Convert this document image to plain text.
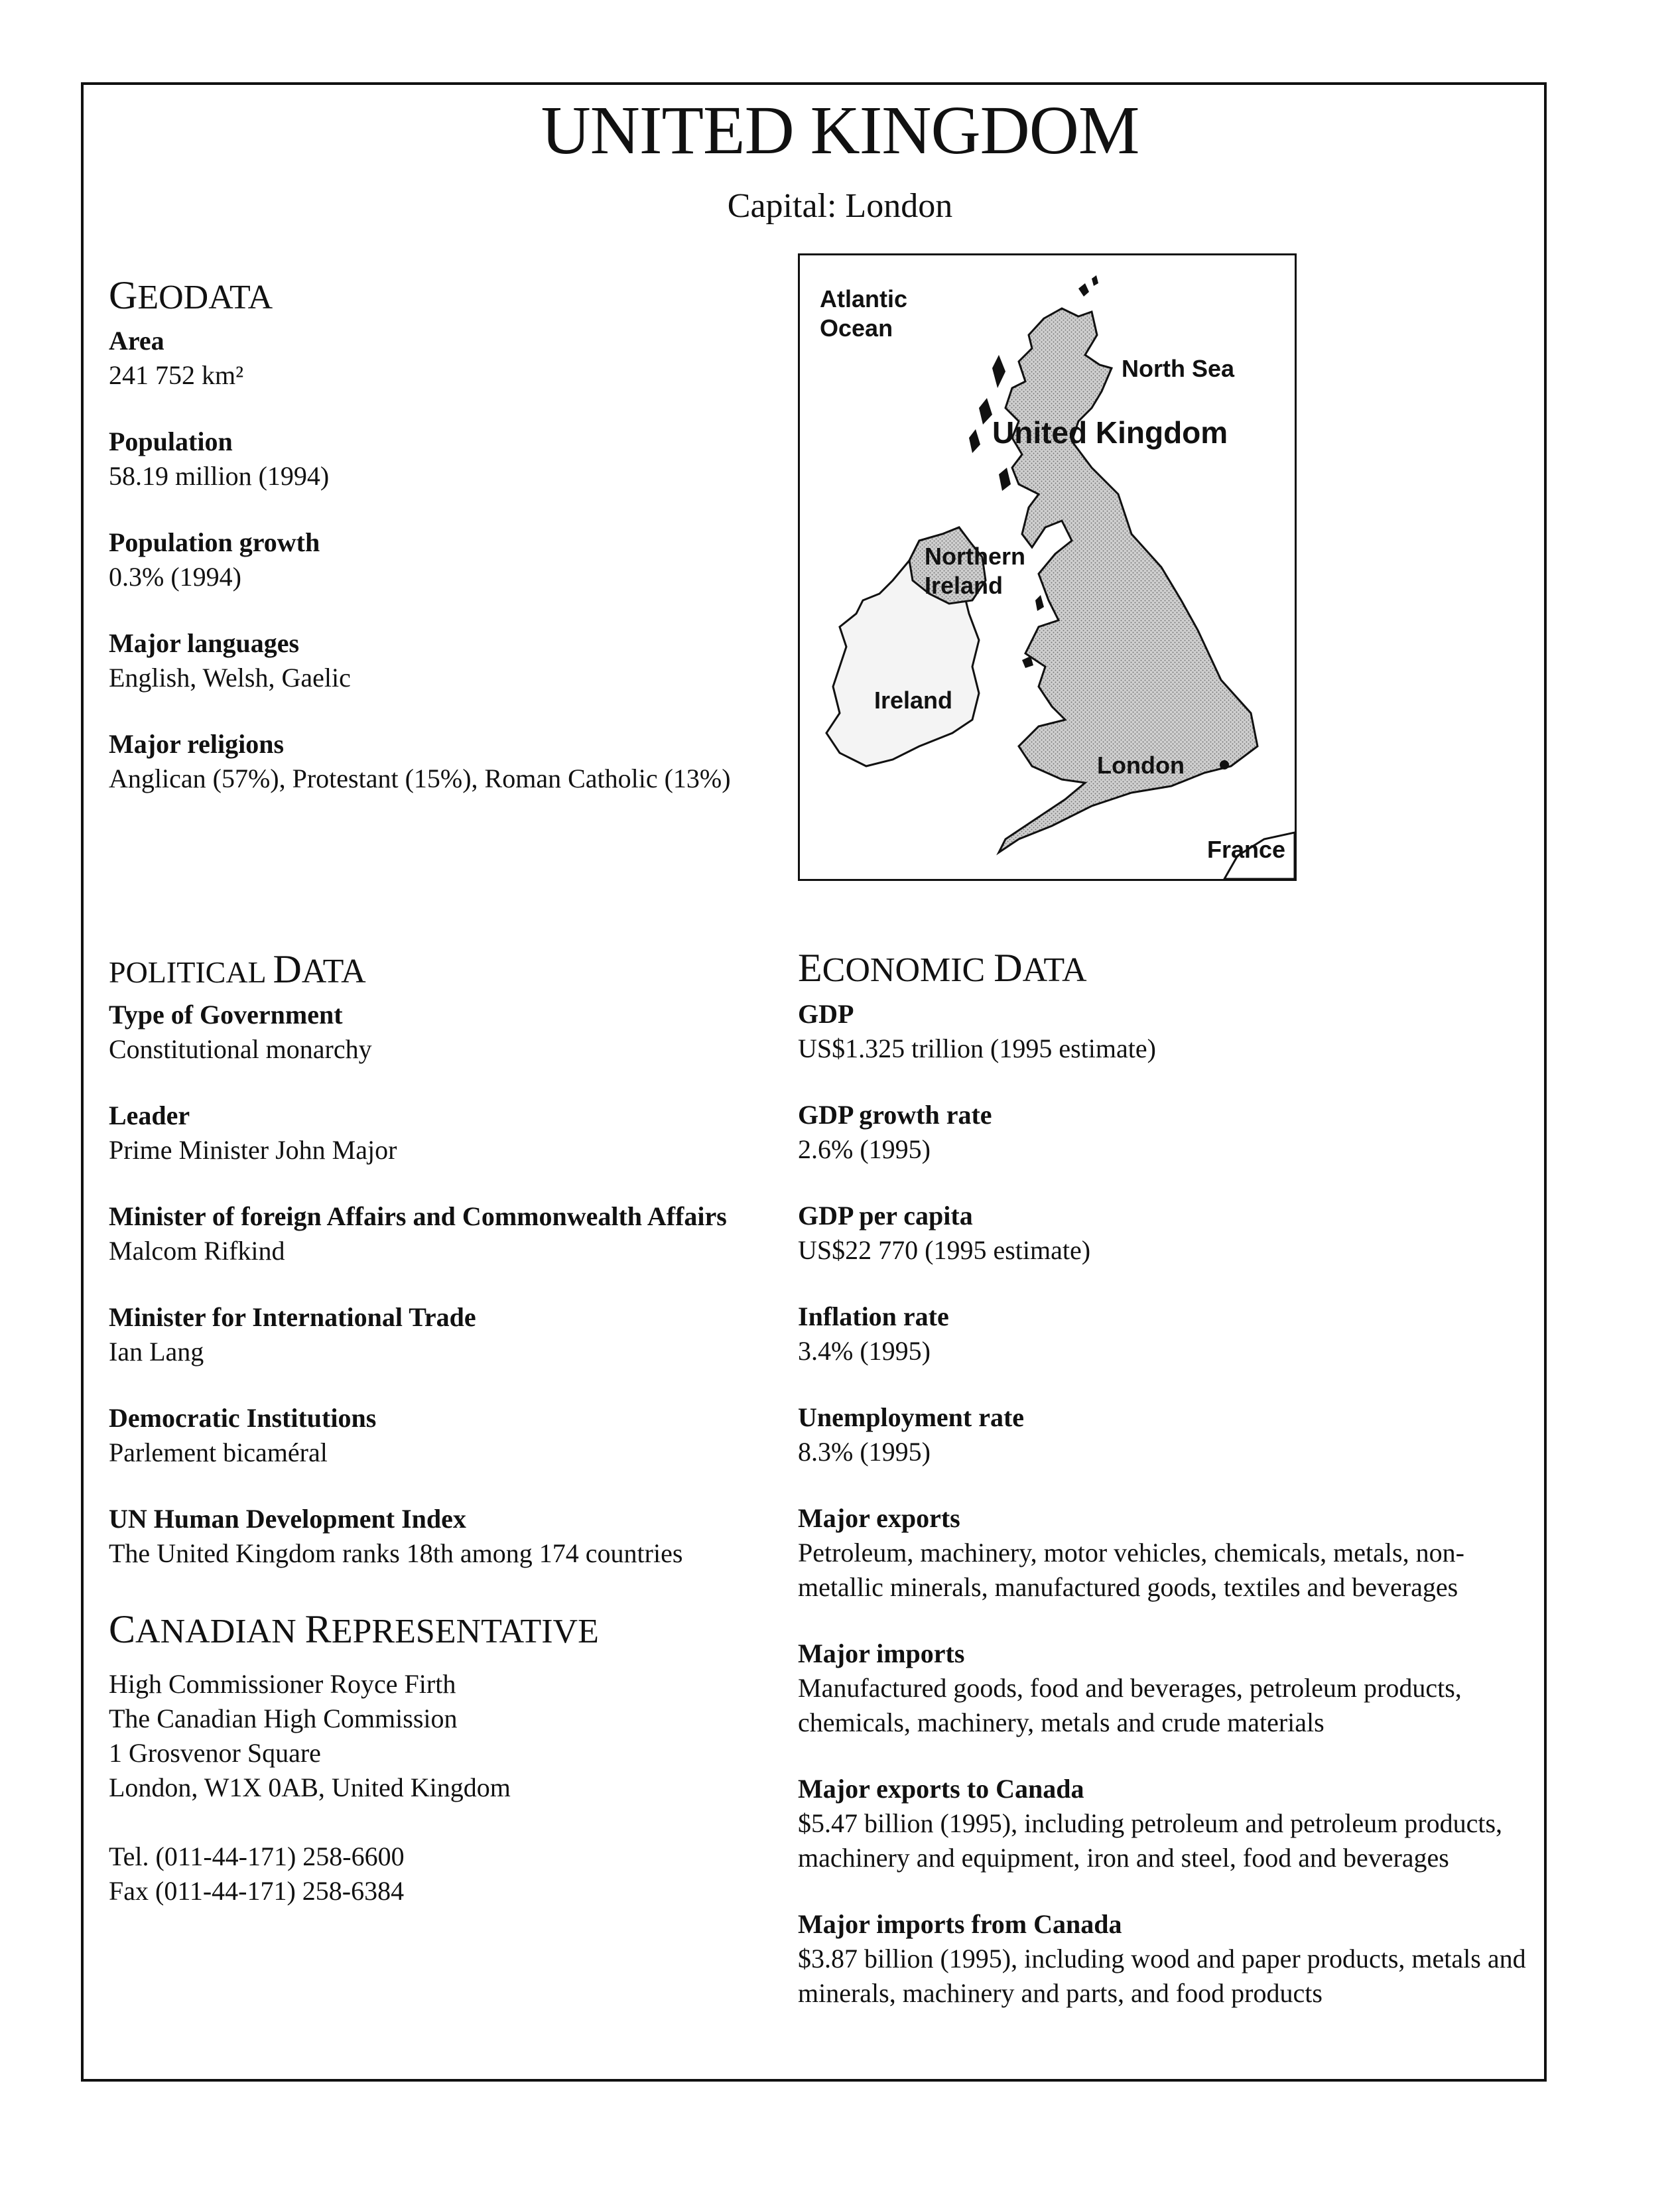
UNITED KINGDOM
Capital: London
GEODATA
Area
241 752 km²
Population
58.19 million (1994)
Population growth
0.3% (1994)
Major languages
English, Welsh, Gaelic
Major religions
Anglican (57%), Protestant (15%), Roman Catholic (13%)
Atlantic
Ocean
North Sea
United Kingdom
Northern
Ireland
Ireland
London
France
POLITICAL DATA
Type of Government
Constitutional monarchy
Leader
Prime Minister John Major
Minister of foreign Affairs and Commonwealth Affairs
Malcom Rifkind
Minister for International Trade
Ian Lang
Democratic Institutions
Parlement bicaméral
UN Human Development Index
The United Kingdom ranks 18th among 174 countries
CANADIAN REPRESENTATIVE
High Commissioner Royce Firth
The Canadian High Commission
1 Grosvenor Square
London, W1X 0AB, United Kingdom
Tel. (011-44-171) 258-6600
Fax (011-44-171) 258-6384
ECONOMIC DATA
GDP
US$1.325 trillion (1995 estimate)
GDP growth rate
2.6% (1995)
GDP per capita
US$22 770 (1995 estimate)
Inflation rate
3.4% (1995)
Unemployment rate
8.3% (1995)
Major exports
Petroleum, machinery, motor vehicles, chemicals, metals, non-
metallic minerals, manufactured goods, textiles and beverages
Major imports
Manufactured goods, food and beverages, petroleum products,
chemicals, machinery, metals and crude materials
Major exports to Canada
$5.47 billion (1995), including petroleum and petroleum products,
machinery and equipment, iron and steel, food and beverages
Major imports from Canada
$3.87 billion (1995), including wood and paper products, metals and
minerals, machinery and parts, and food products
